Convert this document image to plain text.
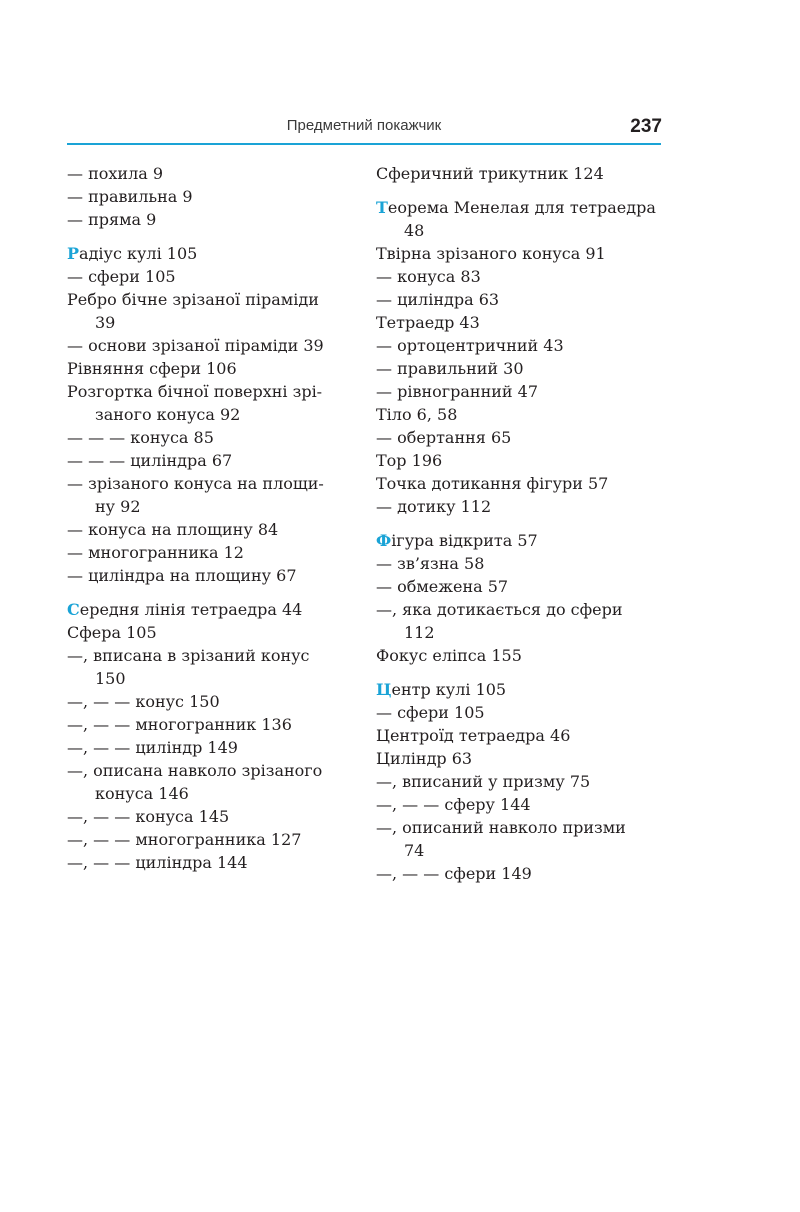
Предметний покажчик	237
— похила 9
— правильна 9
— пряма 9
Радіус кулі 105
— сфери 105
Ребро бічне зрізаної піраміди
39
— основи зрізаної піраміди 39
Рівняння сфери 106
Розгортка бічної поверхні зрі-
заного конуса 92
— — — конуса 85
— — — циліндра 67
— зрізаного конуса на площи-
ну 92
— конуса на площину 84
— многогранника 12
— циліндра на площину 67
Середня лінія тетраедра 44
Сфера 105
—, вписана в зрізаний конус
150
—, — — конус 150
—, — — многогранник 136
—, — — циліндр 149
—, описана навколо зрізаного
конуса 146
—, — — конуса 145
—, — — многогранника 127
—, — — циліндра 144
Сферичний трикутник 124
Теорема Менелая для тетраедра
48
Твірна зрізаного конуса 91
— конуса 83
— циліндра 63
Тетраедр 43
— ортоцентричний 43
— правильний 30
— рівногранний 47
Тіло 6, 58
— обертання 65
Тор 196
Точка дотикання фігури 57
— дотику 112
Фігура відкрита 57
— зв’язна 58
— обмежена 57
—, яка дотикається до сфери
112
Фокус еліпса 155
Центр кулі 105
— сфери 105
Центроїд тетраедра 46
Циліндр 63
—, вписаний у призму 75
—, — — сферу 144
—, описаний навколо призми
74
—, — — сфери 149
